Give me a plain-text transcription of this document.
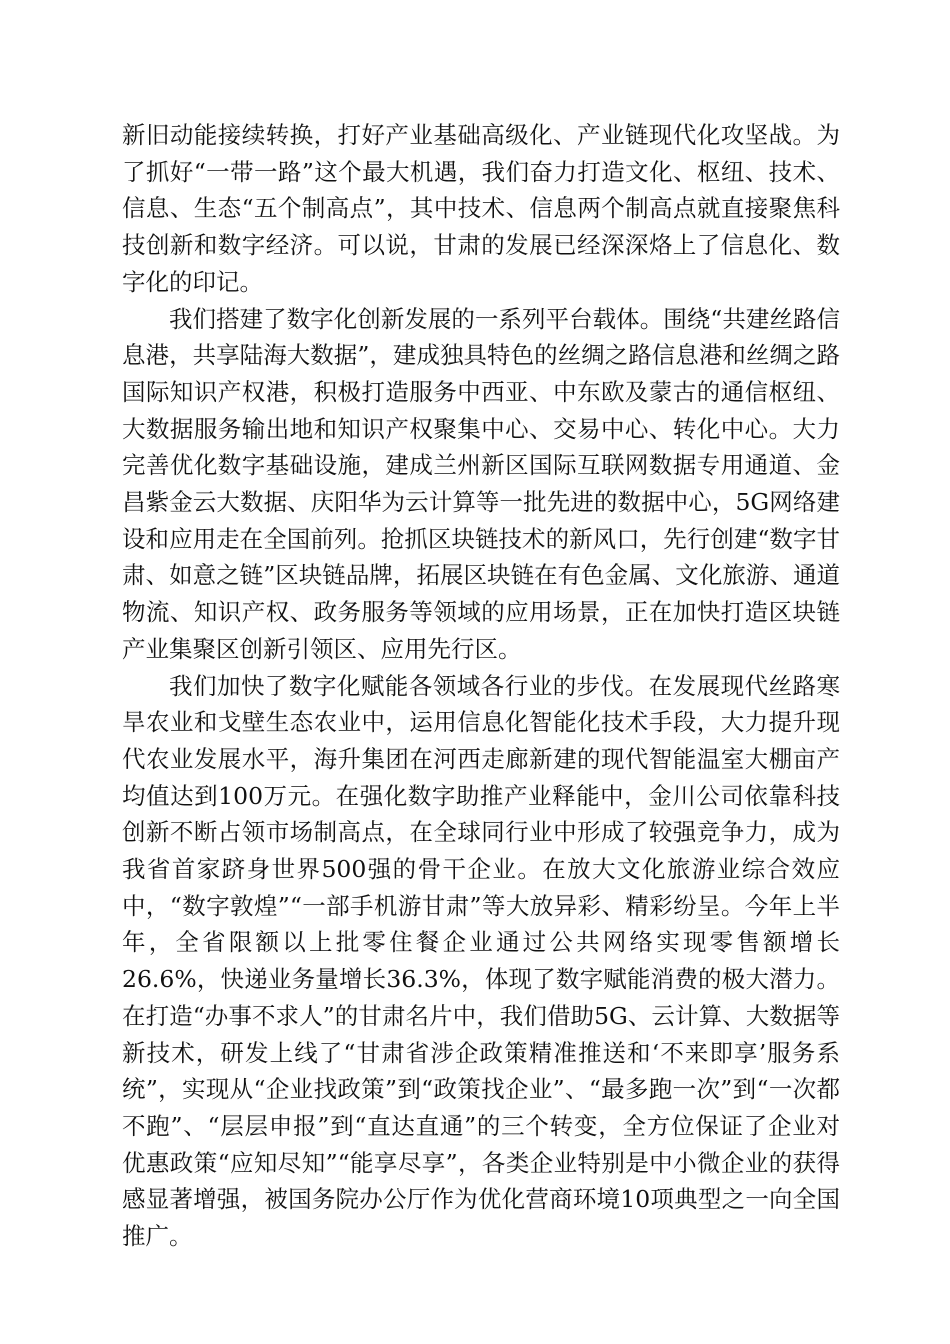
新旧动能接续转换，打好产业基础高级化、产业链现代化攻坚战。为了抓好“一带一路”这个最大机遇，我们奋力打造文化、枢纽、技术、信息、生态“五个制高点”，其中技术、信息两个制高点就直接聚焦科技创新和数字经济。可以说，甘肃的发展已经深深烙上了信息化、数字化的印记。

我们搭建了数字化创新发展的一系列平台载体。围绕“共建丝路信息港，共享陆海大数据”，建成独具特色的丝绸之路信息港和丝绸之路国际知识产权港，积极打造服务中西亚、中东欧及蒙古的通信枢纽、大数据服务输出地和知识产权聚集中心、交易中心、转化中心。大力完善优化数字基础设施，建成兰州新区国际互联网数据专用通道、金昌紫金云大数据、庆阳华为云计算等一批先进的数据中心，5G网络建设和应用走在全国前列。抢抓区块链技术的新风口，先行创建“数字甘肃、如意之链”区块链品牌，拓展区块链在有色金属、文化旅游、通道物流、知识产权、政务服务等领域的应用场景，正在加快打造区块链产业集聚区创新引领区、应用先行区。

我们加快了数字化赋能各领域各行业的步伐。在发展现代丝路寒旱农业和戈壁生态农业中，运用信息化智能化技术手段，大力提升现代农业发展水平，海升集团在河西走廊新建的现代智能温室大棚亩产均值达到100万元。在强化数字助推产业释能中，金川公司依靠科技创新不断占领市场制高点，在全球同行业中形成了较强竞争力，成为我省首家跻身世界500强的骨干企业。在放大文化旅游业综合效应中，“数字敦煌”“一部手机游甘肃”等大放异彩、精彩纷呈。今年上半年，全省限额以上批零住餐企业通过公共网络实现零售额增长26.6%，快递业务量增长36.3%，体现了数字赋能消费的极大潜力。在打造“办事不求人”的甘肃名片中，我们借助5G、云计算、大数据等新技术，研发上线了“甘肃省涉企政策精准推送和‘不来即享’服务系统”，实现从“企业找政策”到“政策找企业”、“最多跑一次”到“一次都不跑”、“层层申报”到“直达直通”的三个转变，全方位保证了企业对优惠政策“应知尽知”“能享尽享”，各类企业特别是中小微企业的获得感显著增强，被国务院办公厅作为优化营商环境10项典型之一向全国推广。
